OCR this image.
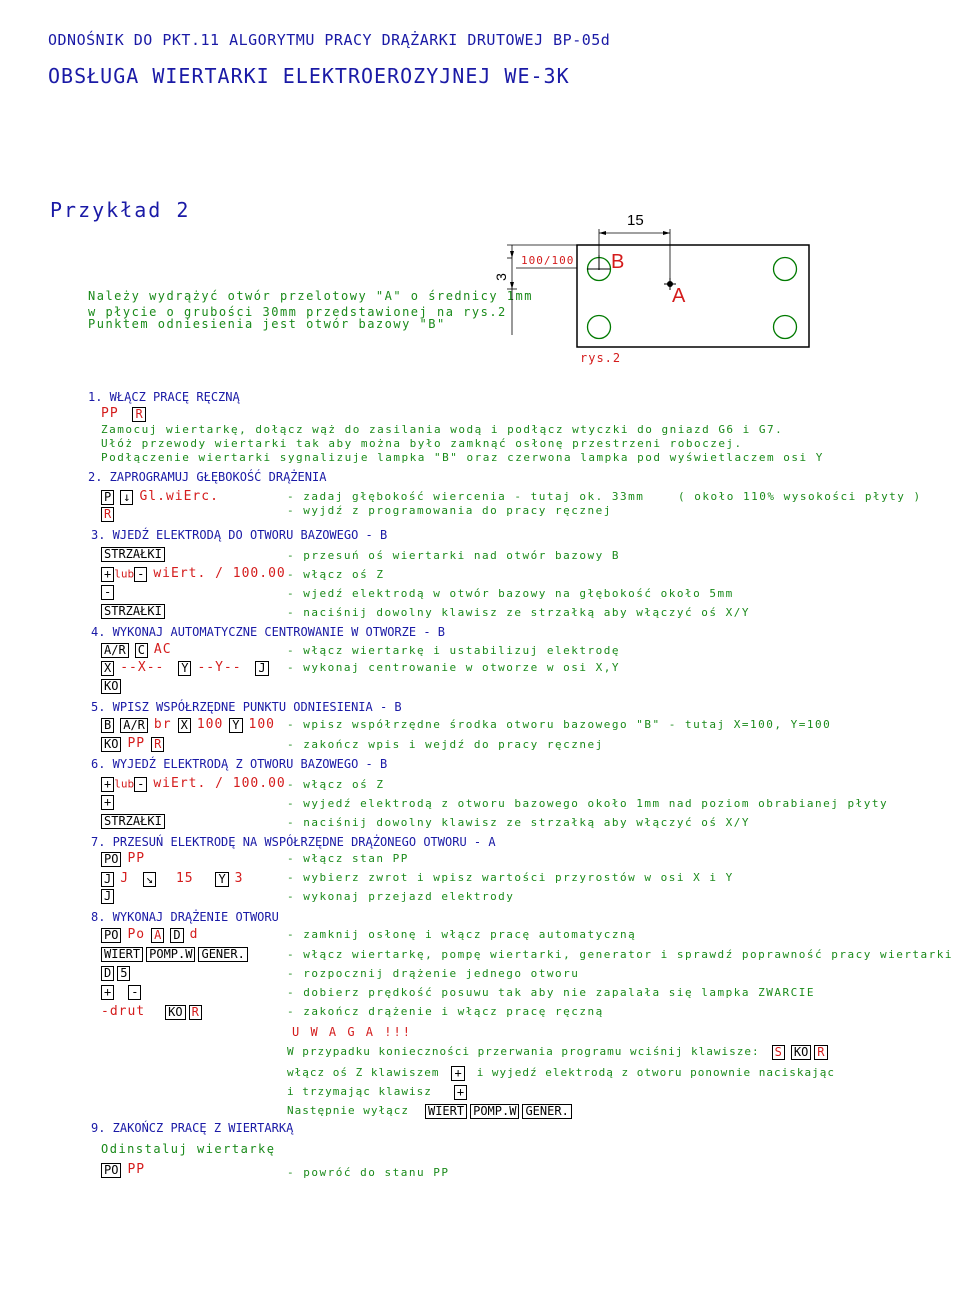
ODNOŚNIK DO PKT.11 ALGORYTMU PRACY DRĄŻARKI DRUTOWEJ BP-05d
OBSŁUGA WIERTARKI ELEKTROEROZYJNEJ WE-3K
Przykład 2
Należy wydrążyć otwór przelotowy "A" o średnicy 1mm
w płycie o grubości 30mm przedstawionej na rys.2
Punktem odniesienia jest otwór bazowy "B"
15
3
100/100 B
A
rys.2
1. WŁĄCZ PRACĘ RĘCZNĄ
PP R
Zamocuj wiertarkę, dołącz wąż do zasilania wodą i podłącz wtyczki do gniazd G6 i G7.
Ułóż przewody wiertarki tak aby można było zamknąć osłonę przestrzeni roboczej.
Podłączenie wiertarki sygnalizuje lampka "B" oraz czerwona lampka pod wyświetlaczem osi Y
2. ZAPROGRAMUJ GŁĘBOKOŚĆ DRĄŻENIA
P ↓ Gl.wiErc.
R
- zadaj głębokość wiercenia - tutaj ok. 33mm	( około 110% wysokości płyty )
- wyjdź z programowania do pracy ręcznej
3. WJEDŹ ELEKTRODĄ DO OTWORU BAZOWEGO - B
STRZAŁKI
+ lub - wiErt. / 100.00
-
STRZAŁKI
- przesuń oś wiertarki nad otwór bazowy B
- włącz oś Z
- wjedź elektrodą w otwór bazowy na głębokość około 5mm
- naciśnij dowolny klawisz ze strzałką aby włączyć oś X/Y
4. WYKONAJ AUTOMATYCZNE CENTROWANIE W OTWORZE - B
A/R C AC
X --X-- Y --Y-- J
KO
- włącz wiertarkę i ustabilizuj elektrodę
- wykonaj centrowanie w otworze w osi X,Y
5. WPISZ WSPÓŁRZĘDNE PUNKTU ODNIESIENIA - B
B A/R br X 100 Y 100
KO PP R
- wpisz współrzędne środka otworu bazowego "B" - tutaj X=100, Y=100
- zakończ wpis i wejdź do pracy ręcznej
6. WYJEDŹ ELEKTRODĄ Z OTWORU BAZOWEGO - B
+ lub - wiErt. / 100.00
+
STRZAŁKI
- włącz oś Z
- wyjedź elektrodą z otworu bazowego około 1mm nad poziom obrabianej płyty
- naciśnij dowolny klawisz ze strzałką aby włączyć oś X/Y
7. PRZESUŃ ELEKTRODĘ NA WSPÓŁRZĘDNE DRĄŻONEGO OTWORU - A
PO PP
J J ↘ 15 Y 3
J
- włącz stan PP
- wybierz zwrot i wpisz wartości przyrostów w osi X i Y
- wykonaj przejazd elektrody
8. WYKONAJ DRĄŻENIE OTWORU
PO Po A D d
WIERT POMP.W GENER.
D 5
+ -
-drut KO R
- zamknij osłonę i włącz pracę automatyczną
- włącz wiertarkę, pompę wiertarki, generator i sprawdź poprawność pracy wiertarki
- rozpocznij drążenie jednego otworu
- dobierz prędkość posuwu tak aby nie zapalała się lampka ZWARCIE
- zakończ drążenie i włącz pracę ręczną
U W A G A !!!
W przypadku konieczności przerwania programu wciśnij klawisze: S KO R
włącz oś Z klawiszem + i wyjedź elektrodą z otworu ponownie naciskając
i trzymając klawisz +
Następnie wyłącz WIERT POMP.W GENER.
9. ZAKOŃCZ PRACĘ Z WIERTARKĄ
Odinstaluj wiertarkę
PO PP	- powróć do stanu PP
